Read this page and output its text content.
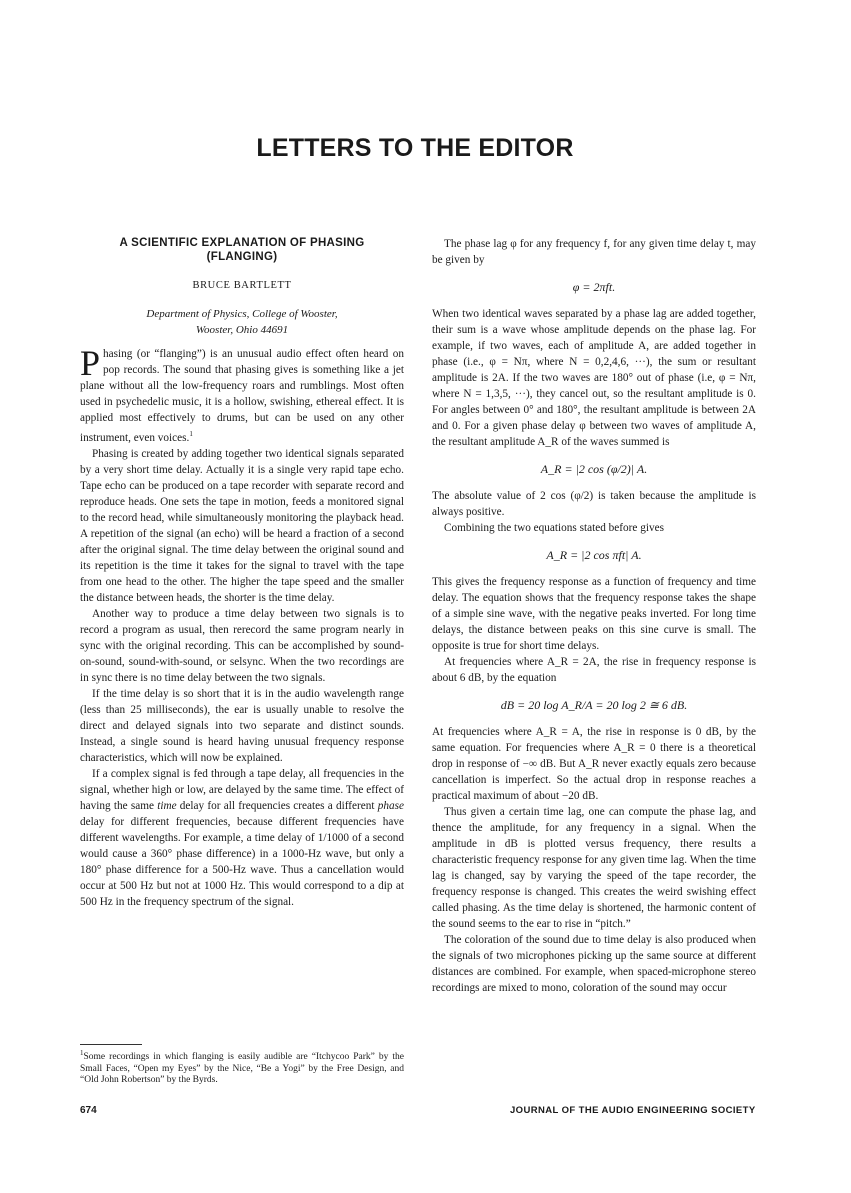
LETTERS TO THE EDITOR
A SCIENTIFIC EXPLANATION OF PHASING
(FLANGING)
BRUCE BARTLETT
Department of Physics, College of Wooster,
Wooster, Ohio 44691

Phasing (or “flanging”) is an unusual audio effect often heard on pop records. The sound that phasing gives is something like a jet plane without all the low-frequency roars and rumblings. Most often used in psychedelic music, it is a hollow, swishing, ethereal effect. It is applied most effectively to drums, but can be used on any other instrument, even voices.$^1$

Phasing is created by adding together two identical signals separated by a very short time delay. Actually it is a single very rapid tape echo. Tape echo can be produced on a tape recorder with separate record and reproduce heads. One sets the tape in motion, feeds a monitored signal to the record head, while simultaneously monitoring the playback head. A repetition of the signal (an echo) will be heard a fraction of a second after the original signal. The time delay between the original sound and its repetition is the time it takes for the signal to travel with the tape from one head to the other. The higher the tape speed and the smaller the distance between heads, the shorter is the time delay.

Another way to produce a time delay between two signals is to record a program as usual, then rerecord the same program nearly in sync with the original recording. This can be accomplished by sound-on-sound, sound-with-sound, or selsync. When the two recordings are in sync there is no time delay between the two signals.

If the time delay is so short that it is in the audio wavelength range (less than 25 milliseconds), the ear is usually unable to resolve the direct and delayed signals into two separate and distinct sounds. Instead, a single sound is heard having unusual frequency response characteristics, which will now be explained.

If a complex signal is fed through a tape delay, all frequencies in the signal, whether high or low, are delayed by the same time. The effect of having the same time delay for all frequencies creates a different phase delay for different frequencies, because different frequencies have different wavelengths. For example, a time delay of 1/1000 of a second would cause a 360° phase difference) in a 1000-Hz wave, but only a 180° phase difference for a 500-Hz wave. Thus a cancellation would occur at 500 Hz but not at 1000 Hz. This would correspond to a dip at 500 Hz in the frequency spectrum of the signal.

$^1$Some recordings in which flanging is easily audible are “Itchycoo Park” by the Small Faces, “Open my Eyes” by the Nice, “Be a Yogi” by the Free Design, and “Old John Robertson” by the Byrds.

The phase lag φ for any frequency f, for any given time delay t, may be given by

φ = 2πft.

When two identical waves separated by a phase lag are added together, their sum is a wave whose amplitude depends on the phase lag. For example, if two waves, each of amplitude A, are added together in phase (i.e., φ = Nπ, where N = 0,2,4,6, ···), the sum or resultant amplitude is 2A. If the two waves are 180° out of phase (i.e, φ = Nπ, where N = 1,3,5, ···), they cancel out, so the resultant amplitude is 0. For angles between 0° and 180°, the resultant amplitude is between 2A and 0. For a given phase delay φ between two waves of amplitude A, the resultant amplitude A_R of the waves summed is

A_R = |2 cos (φ/2)| A.

The absolute value of 2 cos (φ/2) is taken because the amplitude is always positive.

Combining the two equations stated before gives

A_R = |2 cos πft| A.

This gives the frequency response as a function of frequency and time delay. The equation shows that the frequency response takes the shape of a simple sine wave, with the negative peaks inverted. For long time delays, the distance between peaks on this sine curve is small. The opposite is true for short time delays.

At frequencies where A_R = 2A, the rise in frequency response is about 6 dB, by the equation

dB = 20 log A_R/A = 20 log 2 ≅ 6 dB.

At frequencies where A_R = A, the rise in response is 0 dB, by the same equation. For frequencies where A_R = 0 there is a theoretical drop in response of −∞ dB. But A_R never exactly equals zero because cancellation is imperfect. So the actual drop in response reaches a practical maximum of about −20 dB.

Thus given a certain time lag, one can compute the phase lag, and thence the amplitude, for any frequency in a signal. When the amplitude in dB is plotted versus frequency, there results a characteristic frequency response for any given time lag. When the time lag is changed, say by varying the speed of the tape recorder, the frequency response is changed. This creates the weird swishing effect called phasing. As the time delay is shortened, the harmonic content of the sound seems to the ear to rise in “pitch.”

The coloration of the sound due to time delay is also produced when the signals of two microphones picking up the same source at different distances are combined. For example, when spaced-microphone stereo recordings are mixed to mono, coloration of the sound may occur

674	JOURNAL OF THE AUDIO ENGINEERING SOCIETY
